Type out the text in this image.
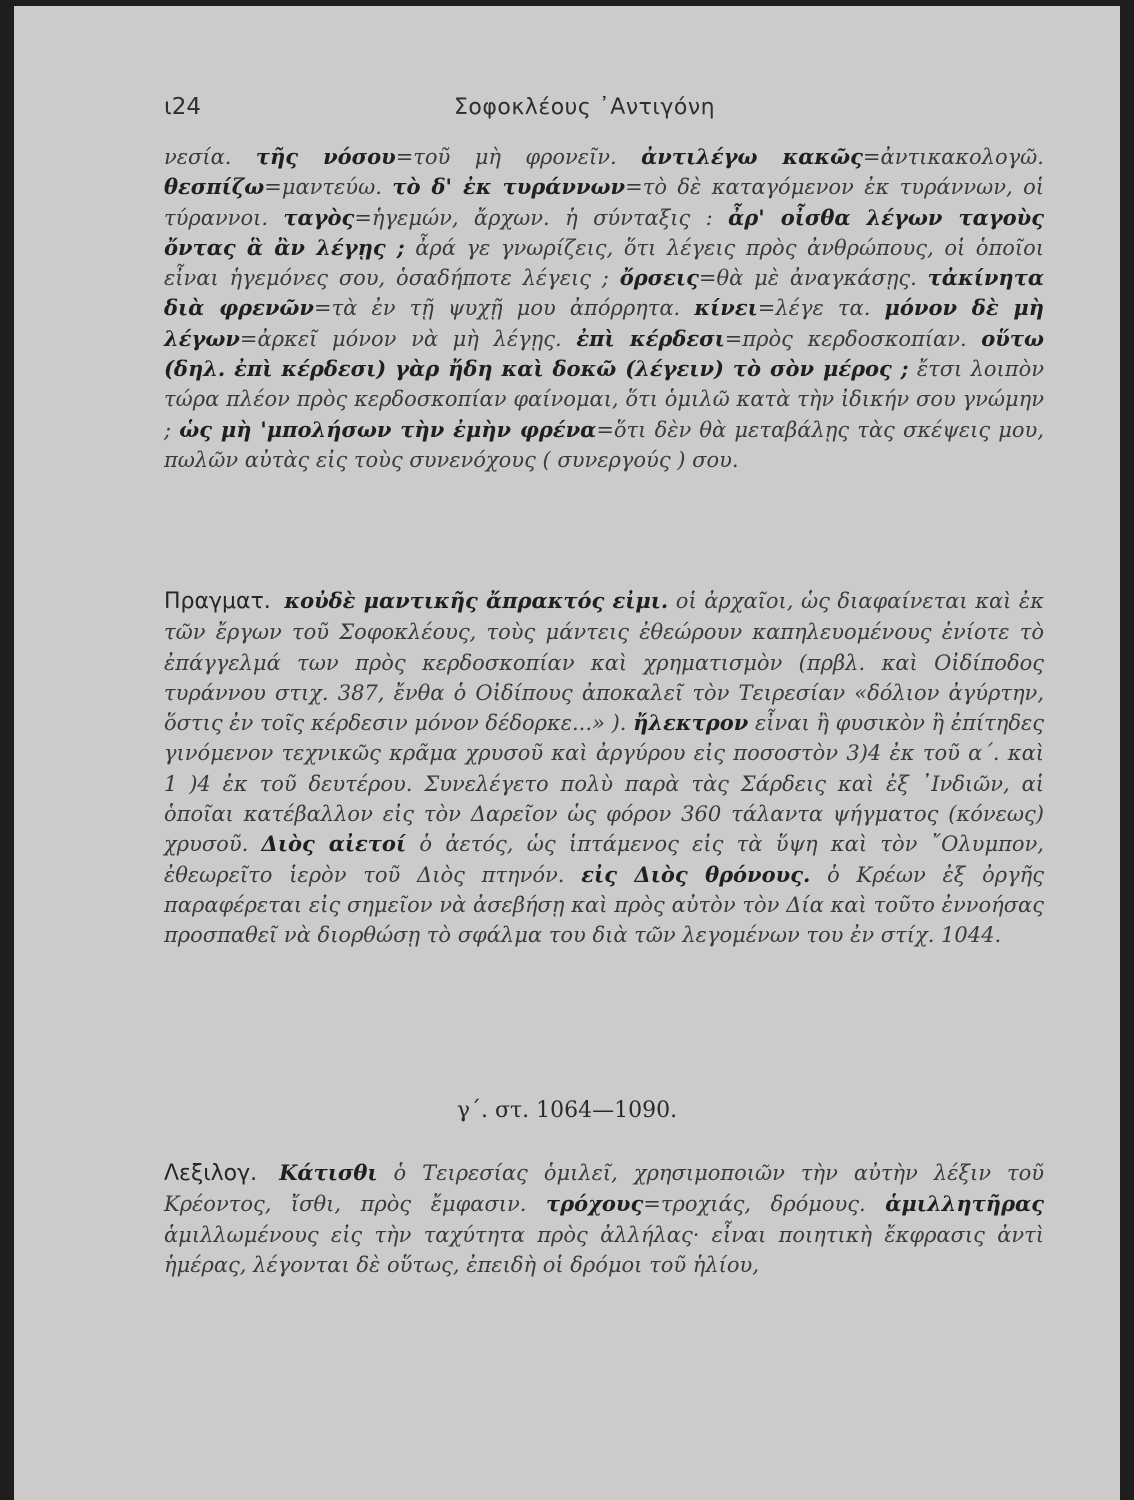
ι24	Σοφοκλέους ᾿Αντιγόνη
νεσία. τῆς νόσου=τοῦ μὴ φρονεῖν. ἀντιλέγω κακῶς=ἀντικακολογῶ. θεσπίζω=μαντεύω. τὸ δ' ἐκ τυράννων=τὸ δὲ καταγόμενον ἐκ τυράννων, οἱ τύραννοι. ταγὸς=ἡγεμών, ἄρχων. ἡ σύνταξις : ἆρ' οἶσθα λέγων ταγοὺς ὄντας ἃ ἂν λέγῃς ; ἆρά γε γνωρίζεις, ὅτι λέγεις πρὸς ἀνθρώπους, οἱ ὁποῖοι εἶναι ἡγεμόνες σου, ὁσαδήποτε λέγεις ; ὄρσεις=θὰ μὲ ἀναγκάσῃς. τἀκίνητα διὰ φρενῶν=τὰ ἐν τῇ ψυχῇ μου ἀπόρρητα. κίνει=λέγε τα. μόνον δὲ μὴ λέγων=ἀρκεῖ μόνον νὰ μὴ λέγῃς. ἐπὶ κέρδεσι=πρὸς κερδοσκοπίαν. οὕτω (δηλ. ἐπὶ κέρδεσι) γὰρ ἤδη καὶ δοκῶ (λέγειν) τὸ σὸν μέρος ; ἔτσι λοιπὸν τώρα πλέον πρὸς κερδοσκοπίαν φαίνομαι, ὅτι ὁμιλῶ κατὰ τὴν ἰδικήν σου γνώμην ; ὡς μὴ 'μπολήσων τὴν ἐμὴν φρένα=ὅτι δὲν θὰ μεταβάλῃς τὰς σκέψεις μου, πωλῶν αὐτὰς εἰς τοὺς συνενόχους ( συνεργούς ) σου.
Πραγματ. κοὐδὲ μαντικῆς ἄπρακτός εἰμι. οἱ ἀρχαῖοι, ὡς διαφαίνεται καὶ ἐκ τῶν ἔργων τοῦ Σοφοκλέους, τοὺς μάντεις ἐθεώρουν καπηλευομένους ἐνίοτε τὸ ἐπάγγελμά των πρὸς κερδοσκοπίαν καὶ χρηματισμὸν (πρβλ. καὶ Οἰδίποδος τυράννου στιχ. 387, ἔνθα ὁ Οἰδίπους ἀποκαλεῖ τὸν Τειρεσίαν «δόλιον ἀγύρτην, ὅστις ἐν τοῖς κέρδεσιν μόνον δέδορκε...» ). ἤλεκτρον εἶναι ἢ φυσικὸν ἢ ἐπίτηδες γινόμενον τεχνικῶς κρᾶμα χρυσοῦ καὶ ἀργύρου εἰς ποσοστὸν 3)4 ἐκ τοῦ α΄. καὶ 1 )4 ἐκ τοῦ δευτέρου. Συνελέγετο πολὺ παρὰ τὰς Σάρδεις καὶ ἐξ ᾿Ινδιῶν, αἱ ὁποῖαι κατέβαλλον εἰς τὸν Δαρεῖον ὡς φόρον 360 τάλαντα ψήγματος (κόνεως) χρυσοῦ. Διὸς αἰετοί ὁ ἀετός, ὡς ἱπτάμενος εἰς τὰ ὕψη καὶ τὸν ῎Ολυμπον, ἐθεωρεῖτο ἱερὸν τοῦ Διὸς πτηνόν. εἰς Διὸς θρόνους. ὁ Κρέων ἐξ ὀργῆς παραφέρεται εἰς σημεῖον νὰ ἀσεβήσῃ καὶ πρὸς αὐτὸν τὸν Δία καὶ τοῦτο ἐννοήσας προσπαθεῖ νὰ διορθώσῃ τὸ σφάλμα του διὰ τῶν λεγομένων του ἐν στίχ. 1044.
γ΄. στ. 1064—1090.
Λεξιλογ. Κάτισθι ὁ Τειρεσίας ὁμιλεῖ, χρησιμοποιῶν τὴν αὐτὴν λέξιν τοῦ Κρέοντος, ἴσθι, πρὸς ἔμφασιν. τρόχους=τροχιάς, δρόμους. ἁμιλλητῆρας ἁμιλλωμένους εἰς τὴν ταχύτητα πρὸς ἀλλήλας· εἶναι ποιητικὴ ἔκφρασις ἀντὶ ἡμέρας, λέγονται δὲ οὕτως, ἐπειδὴ οἱ δρόμοι τοῦ ἡλίου,
